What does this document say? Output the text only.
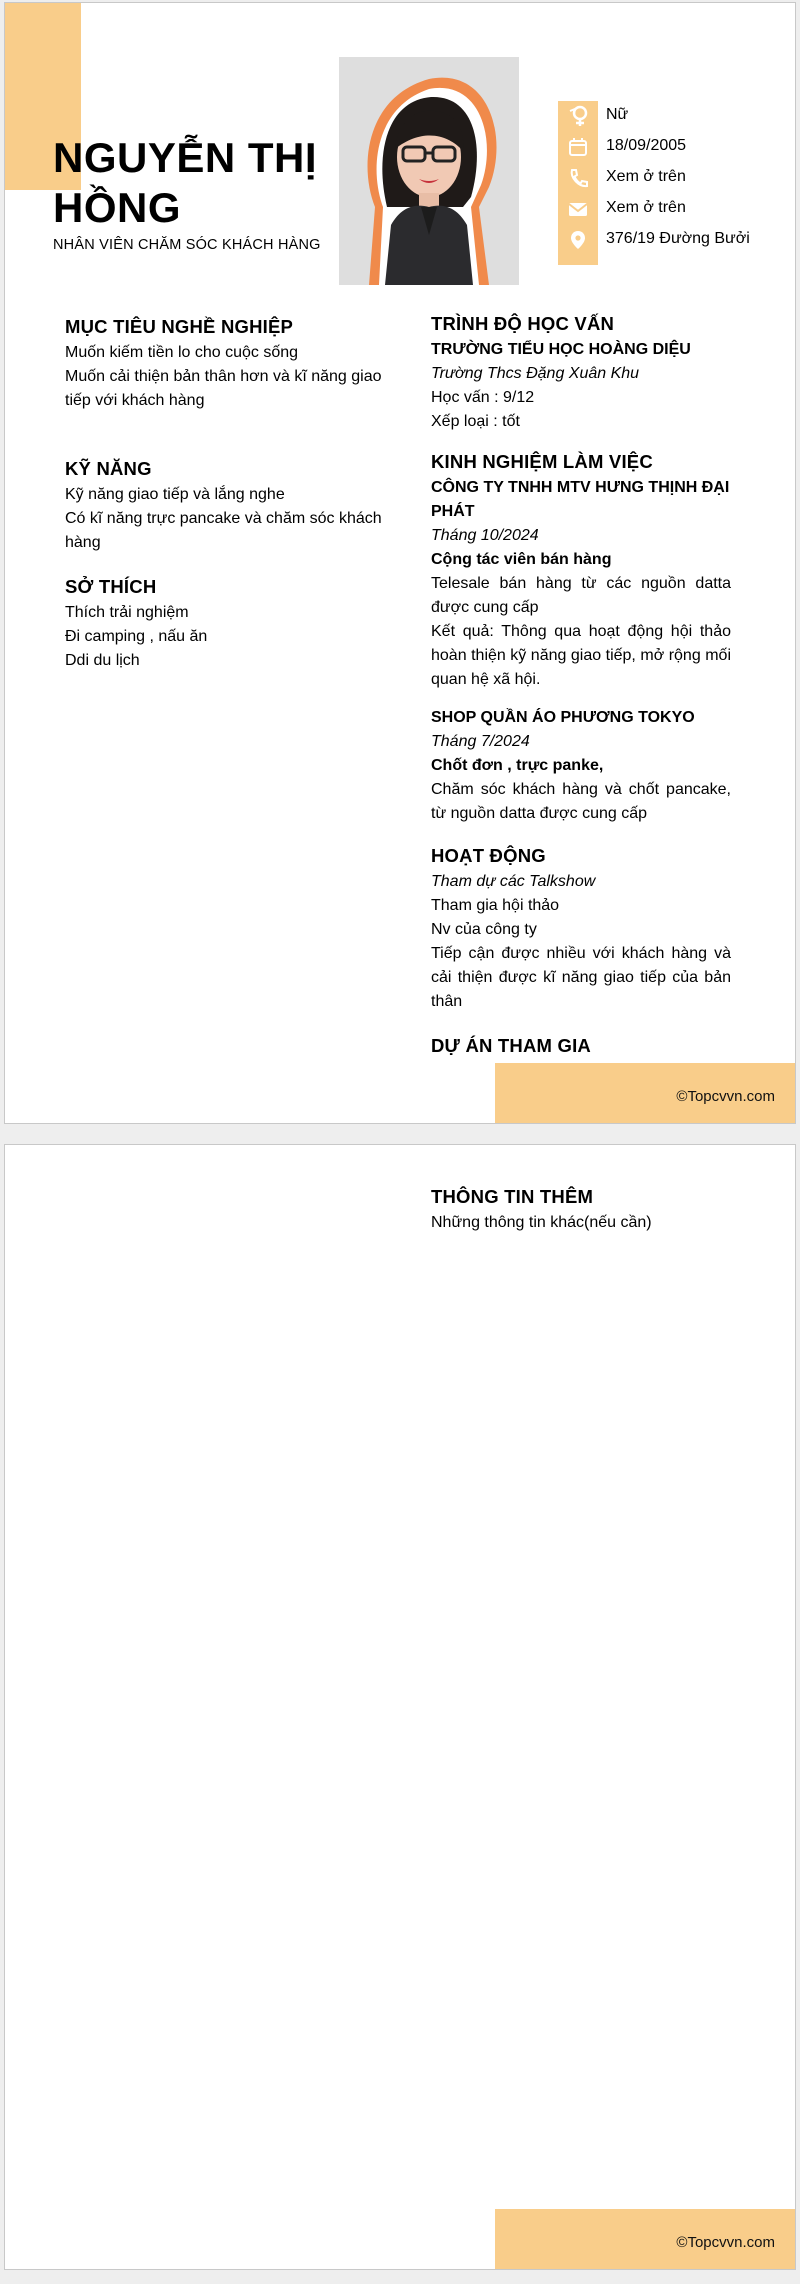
NGUYỄN THỊ HỒNG
NHÂN VIÊN CHĂM SÓC KHÁCH HÀNG
Nữ
18/09/2005
Xem ở trên
Xem ở trên
376/19 Đường Bưởi
MỤC TIÊU NGHỀ NGHIỆP
Muốn kiếm tiền lo cho cuộc sống
Muốn cải thiện bản thân hơn và kĩ năng giao tiếp với khách hàng
KỸ NĂNG
Kỹ năng giao tiếp và lắng nghe
Có kĩ năng trực pancake và chăm sóc khách hàng
SỞ THÍCH
Thích trải nghiệm
Đi camping , nấu ăn
Ddi du lịch
TRÌNH ĐỘ HỌC VẤN
TRƯỜNG TIỂU HỌC HOÀNG DIỆU
Trường Thcs Đặng Xuân Khu
Học vấn : 9/12
Xếp loại : tốt
KINH NGHIỆM LÀM VIỆC
CÔNG TY TNHH MTV HƯNG THỊNH ĐẠI PHÁT
Tháng 10/2024
Cộng tác viên bán hàng
Telesale bán hàng từ các nguồn datta được cung cấp
Kết quả: Thông qua hoạt động hội thảo hoàn thiện kỹ năng giao tiếp, mở rộng mối quan hệ xã hội.
SHOP QUẦN ÁO PHƯƠNG TOKYO
Tháng 7/2024
Chốt đơn , trực panke,
Chăm sóc khách hàng và chốt pancake, từ nguồn datta được cung cấp
HOẠT ĐỘNG
Tham dự các Talkshow
Tham gia hội thảo
Nv của công ty
Tiếp cận được nhiều với khách hàng và cải thiện được kĩ năng giao tiếp của bản thân
DỰ ÁN THAM GIA
©Topcvvn.com
THÔNG TIN THÊM
Những thông tin khác(nếu cần)
©Topcvvn.com
